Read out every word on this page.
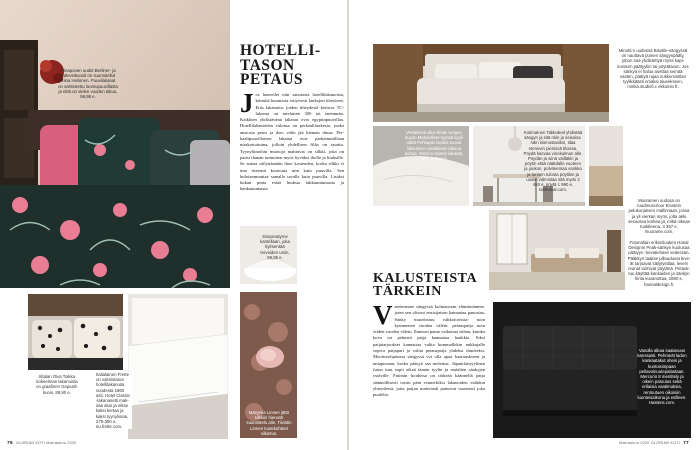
Fiinaponen uudet Berliner- ja Kalevinkuosit on suunnitellut Riina Heilonen. Puuvilakanat on valmistettu luomupuuvillasta ja niitä on vielen vuoden takuu, 59,95 e.
HOTELLI-
TASON
PETAUS
J os haaveilet niin sanotusta hotellilakanoista, kiinnitä huomiota erityisesti lankojen tiheyteen. Eräs lakanoita, joiden tiheydestä kertova TC-lukema on mieluiten 300 tai enemmän. Kaikkien yhdistävänä lakanat ovat egyptinpuuvillaa. Hotellilakanoiden valonsa on perkaaliluukesta, jonka ansiosta petos ja ikeo välin jää hieman ilmaa. Perkaalipuuvillaisen lakanat ovat parhaimmillaan maskottoituina, jolloin yhdellisen fillis on tasaitu. Tyynyliinoihin muotoja mahtuvat on silkki, joka on paitsi ihanan tuntuinen myös hyväksi iholle ja hiuksille. Se auttaa säilyttämään ihon kosteuden, koska silkki ei ime itseensä kosteutta niin kuin puuvilla. Sen hulotarannuttaa samalla tavalla kuin puuvilla. Lisäksi hukan pinta estää hiuksia takkuuntumasta ja hankautumasta.
Sisiyanatyrne kantellaan, joka kylmentää terveiden uniin, 69,95 e.
Maryeria Linnen jättö silkkiin hienosti suunnittelu alle. Tiivistin Linnen tuotekohteet silkintus.
Iittalan Oiva Toikka kokeelman lakanoista on graafinen Gepardikuosi, 89,90 e.
Italialainen Frette on valmistanut hotellilakanoita vuodesta 1860 asti. Hotel Classic -lakanasetti maksaa alun ja eikse kaksi kertaa ja kaksi tyynyliinaa, 275-350 e, eu.frette.com.
76 GLORIAN KOTI Marraskuu 2020
Minotti:n uudessa Bisetile-sängyssä on nauttavä puinen sängynpääty, johon saa yhdistettyä myös kapikontsen päätyyliin tai pöytätason. Jos sänkyä ei halua asettaa seinää vasten, päätyä rajaa nukkumistilan tyylikkäästi omaksi alueekseen, minkä.studiofi.c ekkoinlo ft.
Vertaisesti ollut sileäv Uniqon ituyon Mahdolliset tyyntat kyyli näitä Pehkapio tavalla tuovat luksuksen vastikkeen lakana bohaa. Mimmu Kiiäsin lakanat, 99 e, bohaa.fi.
Kotimainen Tabledeal yhdistää sängyn ja sitä ​​nkin ja seisoisa ​​näin kiinnostaviksi, tilaa etenevin pienissä tiloissa. Pöydä ​​kasvaa vinokulman alle. Pöydän ​​ja siinä väilläkin ja pöytin etää näät​​dalle vuoteen ja joukon, polviteemaa vankka ja tunnen tulosta pöytikin ja uusiin valmistaa sitä myös 2 460 e, pöytä 1 990 e. tabledeal.com.
Muoramen oudosa on ruudmuscrloor Einstein pelukorjaksen mallinnaan, jossa ja yli vierkan myös, jolta akki sesoossa korkea ja, mikä oikeas tuokkeena. 3 357 e, muurame.com.
Futonafain erikoisluuken Hanal Designin Peak-sänkyn kuulusaa päätyyn -kevatiehase vedessan. Pääkkyn taakse pillouduvat leveät tarjoavat säilytystilaa, levein reunat toimivat pöytänä. Petauktuu käyttää kankaiden ja sänkyn hinta kuvanottaa, 1890 e, hannaldesign.fi.
KALUSTEISTA
TÄRKEIN
V aretermme sängyssä kolmasosan elämästämme, joten sen olisoni ensisijaisen kannattaa panostaa. Sänky muodostuu valikoitavista: noin kymmenen vuoden välein, petauspatja noin viiden vuoden välein. Ihmisen paino vaikuttaa siihen, kuinka kova tai pehmeä patja kannattaa hankkia. Siksi patjatarjoukset kannattaa valita kummallekin nukkujalle sopiva patjapari ja valita petauspatja yhdeksi ihmiseksi. Moottorohjatussa sängyssä voi olla apua kaarauskseen ja uniapnoaan, koska pääsyä saa melettua. Jäpanilaistyylinen futon tuas sopii eikeä tämän tyylin ja matalien sänkyjen ystäville. Futonin hoidossa on tärkeää käännellä patja säännöllisesti toisin päin esimerkiksi lakanoiden vaihdon yhteydessä, jotta patjan materiaali painuvat tasaisesti joka puolelta.
Vasolla alkaa saatavuus kanssasti. Pehmeät ladun kankaatakut oheis ja kuntoisimpaan pellavoinuutepalastaan. Mercurio 8 mentitely ja oikein patoutus sekä erilaisia vaatimuksia, rentoutuen oikoisiin luonteisaikona ja esilleen. Hastens.com.
Marraskuu 2020 GLORIAN KOTI 77
